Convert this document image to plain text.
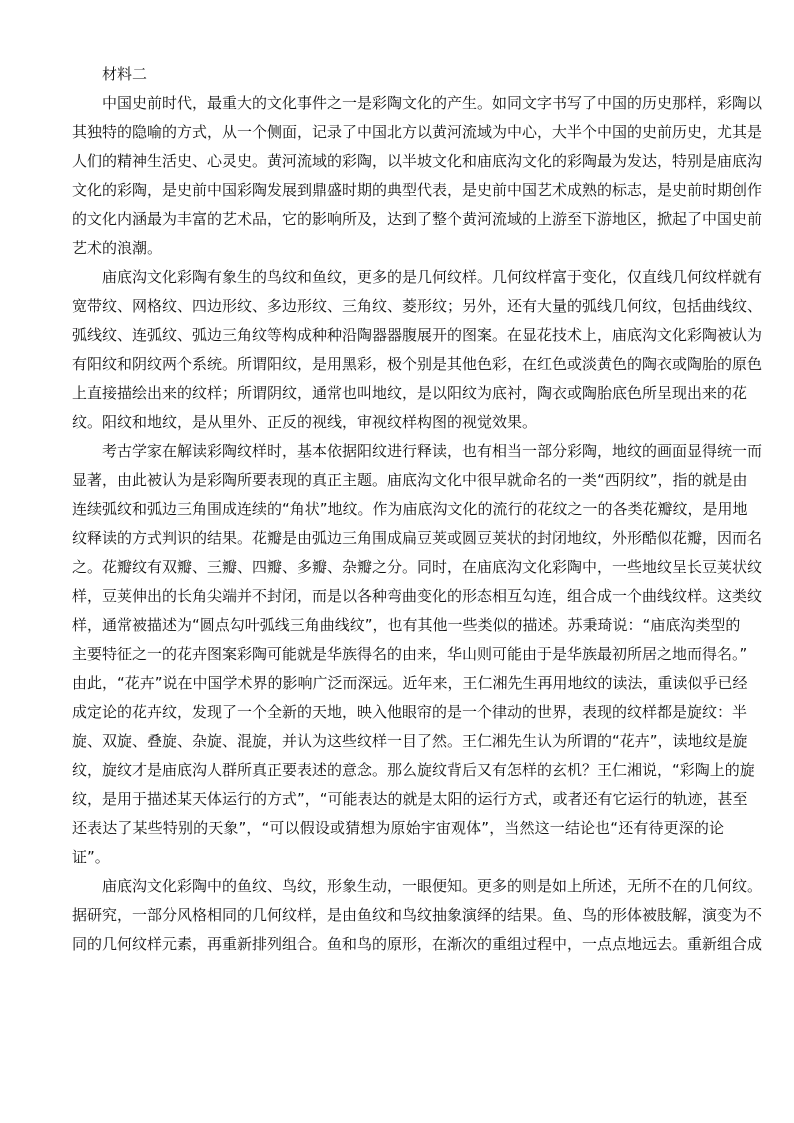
材料二
中国史前时代，最重大的文化事件之一是彩陶文化的产生。如同文字书写了中国的历史那样，彩陶以
其独特的隐喻的方式，从一个侧面，记录了中国北方以黄河流域为中心，大半个中国的史前历史，尤其是
人们的精神生活史、心灵史。黄河流域的彩陶，以半坡文化和庙底沟文化的彩陶最为发达，特别是庙底沟
文化的彩陶，是史前中国彩陶发展到鼎盛时期的典型代表，是史前中国艺术成熟的标志，是史前时期创作
的文化内涵最为丰富的艺术品，它的影响所及，达到了整个黄河流域的上游至下游地区，掀起了中国史前
艺术的浪潮。
庙底沟文化彩陶有象生的鸟纹和鱼纹，更多的是几何纹样。几何纹样富于变化，仅直线几何纹样就有
宽带纹、网格纹、四边形纹、多边形纹、三角纹、菱形纹；另外，还有大量的弧线几何纹，包括曲线纹、
弧线纹、连弧纹、弧边三角纹等构成种种沿陶器器腹展开的图案。在显花技术上，庙底沟文化彩陶被认为
有阳纹和阴纹两个系统。所谓阳纹，是用黑彩，极个别是其他色彩，在红色或淡黄色的陶衣或陶胎的原色
上直接描绘出来的纹样；所谓阴纹，通常也叫地纹，是以阳纹为底衬，陶衣或陶胎底色所呈现出来的花
纹。阳纹和地纹，是从里外、正反的视线，审视纹样构图的视觉效果。
考古学家在解读彩陶纹样时，基本依据阳纹进行释读，也有相当一部分彩陶，地纹的画面显得统一而
显著，由此被认为是彩陶所要表现的真正主题。庙底沟文化中很早就命名的一类“西阴纹”，指的就是由
连续弧纹和弧边三角围成连续的“角状”地纹。作为庙底沟文化的流行的花纹之一的各类花瓣纹，是用地
纹释读的方式判识的结果。花瓣是由弧边三角围成扁豆荚或圆豆荚状的封闭地纹，外形酷似花瓣，因而名
之。花瓣纹有双瓣、三瓣、四瓣、多瓣、杂瓣之分。同时，在庙底沟文化彩陶中，一些地纹呈长豆荚状纹
样，豆荚伸出的长角尖端并不封闭，而是以各种弯曲变化的形态相互勾连，组合成一个曲线纹样。这类纹
样，通常被描述为“圆点勾叶弧线三角曲线纹”，也有其他一些类似的描述。苏秉琦说：“庙底沟类型的
主要特征之一的花卉图案彩陶可能就是华族得名的由来，华山则可能由于是华族最初所居之地而得名。”
由此，“花卉”说在中国学术界的影响广泛而深远。近年来，王仁湘先生再用地纹的读法，重读似乎已经
成定论的花卉纹，发现了一个全新的天地，映入他眼帘的是一个律动的世界，表现的纹样都是旋纹：半
旋、双旋、叠旋、杂旋、混旋，并认为这些纹样一目了然。王仁湘先生认为所谓的“花卉”，读地纹是旋
纹，旋纹才是庙底沟人群所真正要表述的意念。那么旋纹背后又有怎样的玄机？王仁湘说，“彩陶上的旋
纹，是用于描述某天体运行的方式”，“可能表达的就是太阳的运行方式，或者还有它运行的轨迹，甚至
还表达了某些特别的天象”，“可以假设或猜想为原始宇宙观体”，当然这一结论也“还有待更深的论
证”。
庙底沟文化彩陶中的鱼纹、鸟纹，形象生动，一眼便知。更多的则是如上所述，无所不在的几何纹。
据研究，一部分风格相同的几何纹样，是由鱼纹和鸟纹抽象演绎的结果。鱼、鸟的形体被肢解，演变为不
同的几何纹样元素，再重新排列组合。鱼和鸟的原形，在渐次的重组过程中，一点点地远去。重新组合成
